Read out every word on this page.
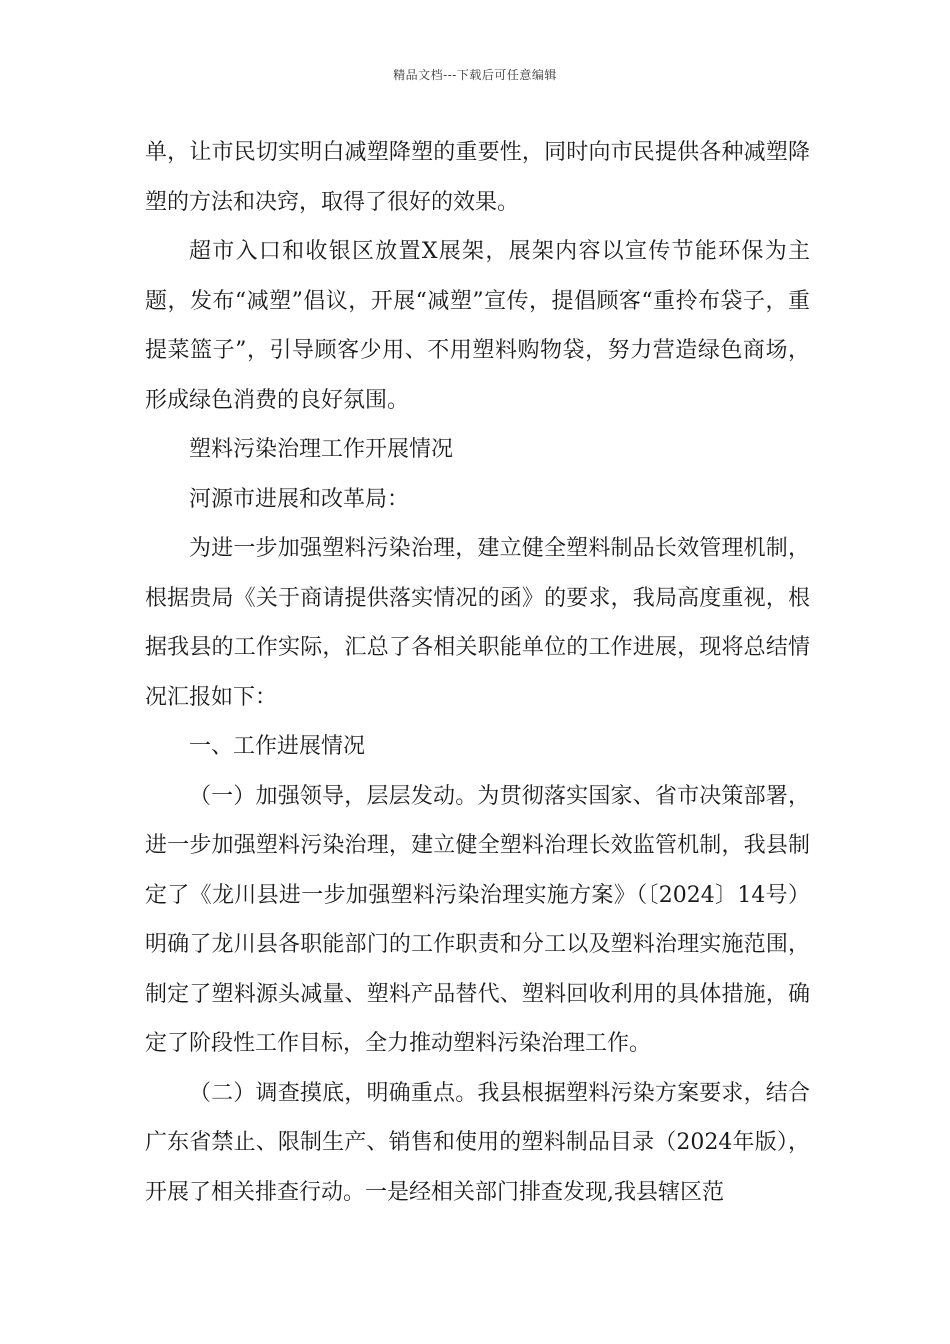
精品文档---下载后可任意编辑

单，让市民切实明白减塑降塑的重要性，同时向市民提供各种减塑降塑的方法和决窍，取得了很好的效果。

超市入口和收银区放置X展架，展架内容以宣传节能环保为主题，发布“减塑”倡议，开展“减塑”宣传，提倡顾客“重拎布袋子，重提菜篮子”，引导顾客少用、不用塑料购物袋，努力营造绿色商场，形成绿色消费的良好氛围。

塑料污染治理工作开展情况

河源市进展和改革局：

为进一步加强塑料污染治理，建立健全塑料制品长效管理机制，根据贵局《关于商请提供落实情况的函》的要求，我局高度重视，根据我县的工作实际，汇总了各相关职能单位的工作进展，现将总结情况汇报如下：

一、工作进展情况

（一）加强领导，层层发动。为贯彻落实国家、省市决策部署，进一步加强塑料污染治理，建立健全塑料治理长效监管机制，我县制定了《龙川县进一步加强塑料污染治理实施方案》（〔2024〕14号）明确了龙川县各职能部门的工作职责和分工以及塑料治理实施范围，制定了塑料源头减量、塑料产品替代、塑料回收利用的具体措施，确定了阶段性工作目标，全力推动塑料污染治理工作。

（二）调查摸底，明确重点。我县根据塑料污染方案要求，结合广东省禁止、限制生产、销售和使用的塑料制品目录（2024年版），开展了相关排查行动。一是经相关部门排查发现,我县辖区范
